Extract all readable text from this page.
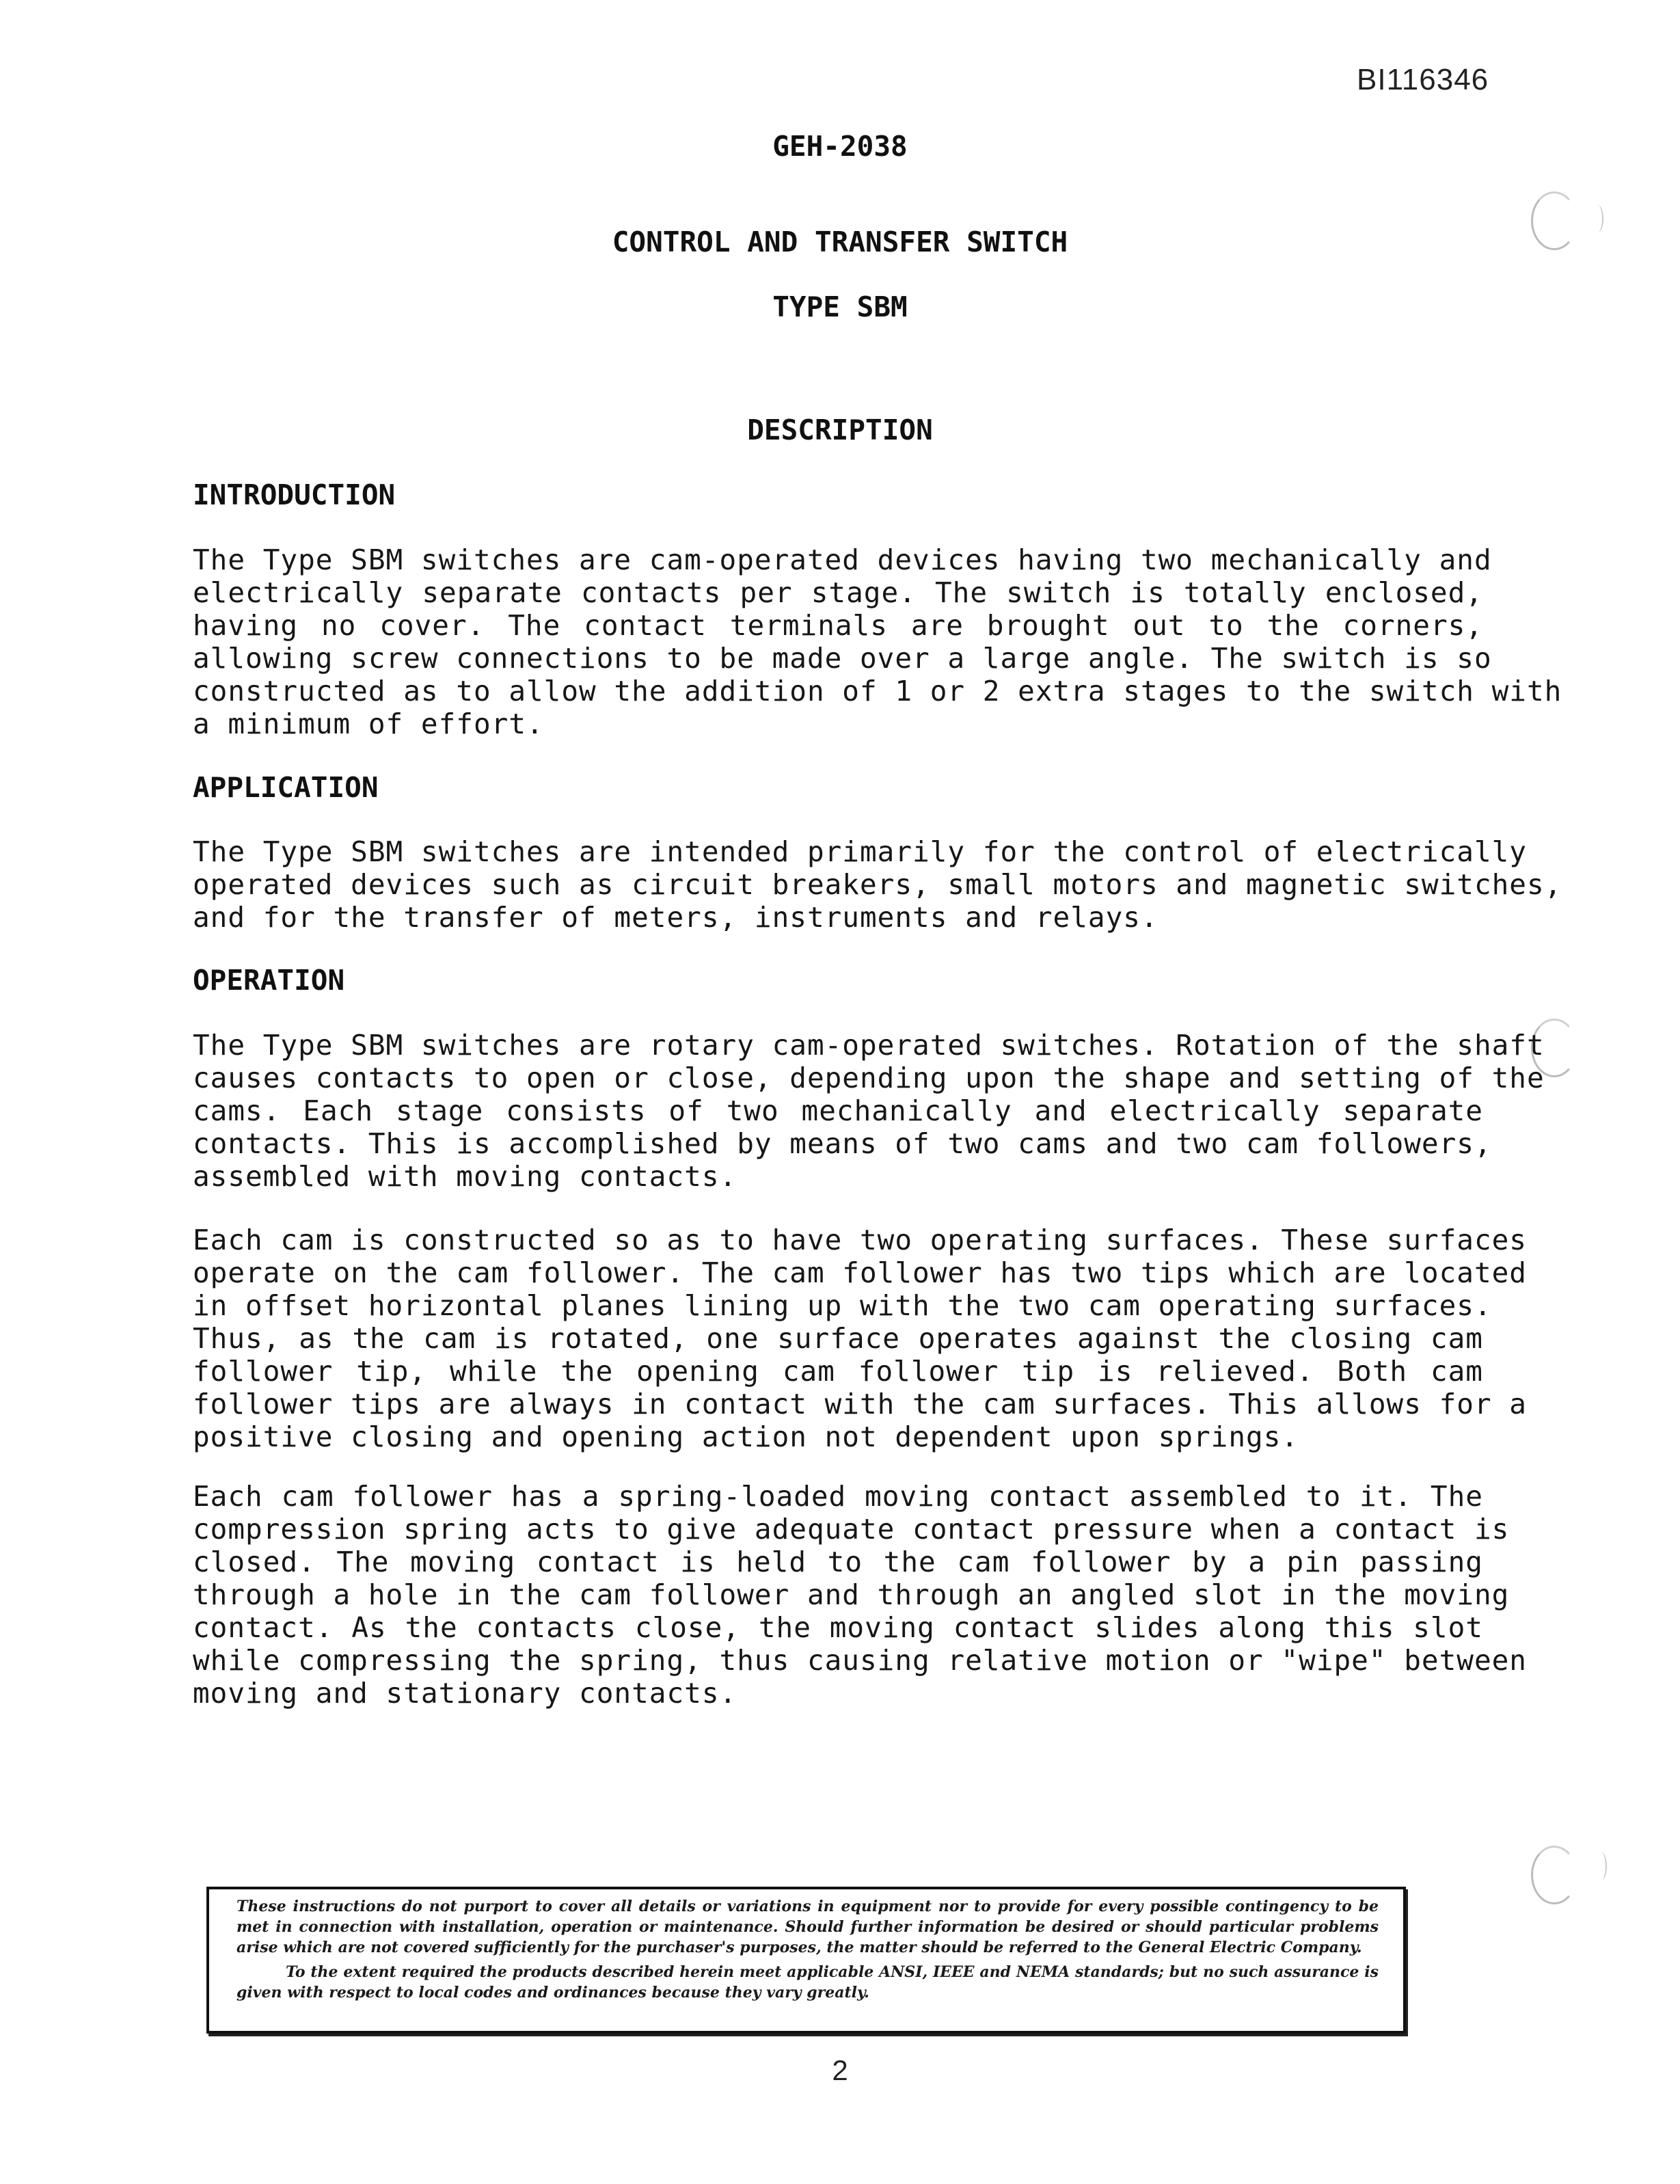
BI116346
GEH-2038
CONTROL AND TRANSFER SWITCH
TYPE SBM
DESCRIPTION
INTRODUCTION
The Type SBM switches are cam-operated devices having two mechanically and
electrically separate contacts per stage. The switch is totally enclosed,
having no cover. The contact terminals are brought out to the corners,
allowing screw connections to be made over a large angle. The switch is so
constructed as to allow the addition of 1 or 2 extra stages to the switch with
a minimum of effort.
APPLICATION
The Type SBM switches are intended primarily for the control of electrically
operated devices such as circuit breakers, small motors and magnetic switches,
and for the transfer of meters, instruments and relays.
OPERATION
The Type SBM switches are rotary cam-operated switches. Rotation of the shaft
causes contacts to open or close, depending upon the shape and setting of the
cams. Each stage consists of two mechanically and electrically separate
contacts. This is accomplished by means of two cams and two cam followers,
assembled with moving contacts.
Each cam is constructed so as to have two operating surfaces. These surfaces
operate on the cam follower. The cam follower has two tips which are located
in offset horizontal planes lining up with the two cam operating surfaces.
Thus, as the cam is rotated, one surface operates against the closing cam
follower tip, while the opening cam follower tip is relieved. Both cam
follower tips are always in contact with the cam surfaces. This allows for a
positive closing and opening action not dependent upon springs.
Each cam follower has a spring-loaded moving contact assembled to it. The
compression spring acts to give adequate contact pressure when a contact is
closed. The moving contact is held to the cam follower by a pin passing
through a hole in the cam follower and through an angled slot in the moving
contact. As the contacts close, the moving contact slides along this slot
while compressing the spring, thus causing relative motion or "wipe" between
moving and stationary contacts.

These instructions do not purport to cover all details or variations in equipment nor to provide for every possible contingency to be met in connection with installation, operation or maintenance. Should further information be desired or should particular problems arise which are not covered sufficiently for the purchaser's purposes, the matter should be referred to the General Electric Company.

To the extent required the products described herein meet applicable ANSI, IEEE and NEMA standards; but no such assurance is given with respect to local codes and ordinances because they vary greatly.

2
